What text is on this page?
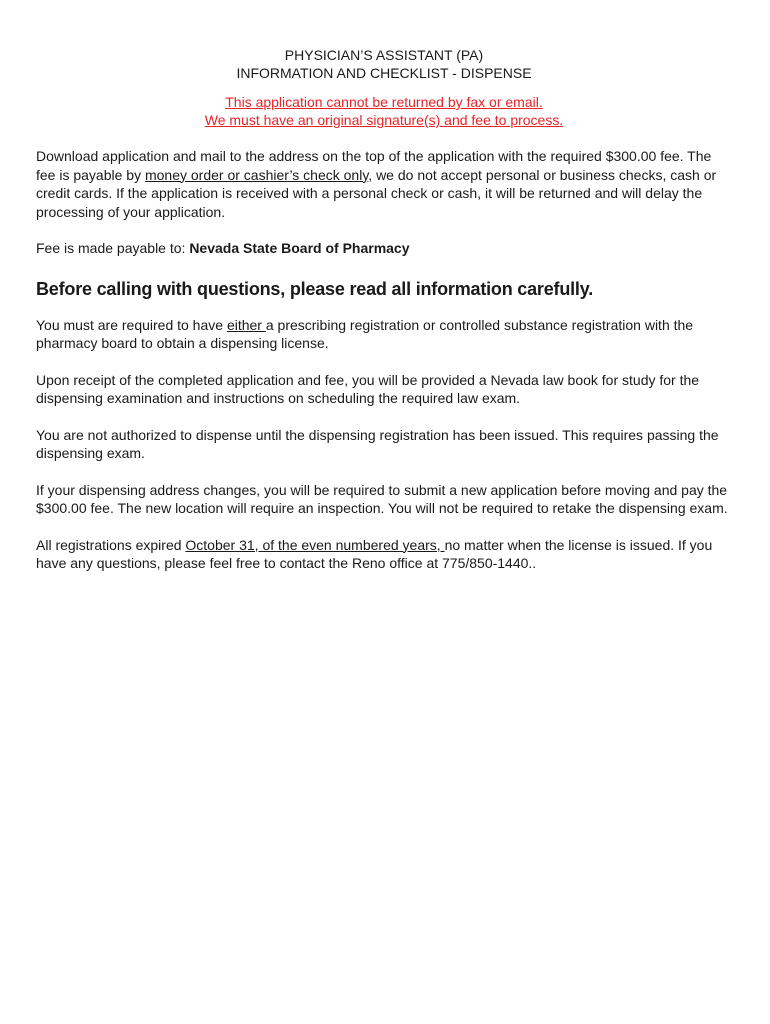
PHYSICIAN’S ASSISTANT (PA)
INFORMATION AND CHECKLIST - DISPENSE
This application cannot be returned by fax or email.
We must have an original signature(s) and fee to process.

Download application and mail to the address on the top of the application with the required $300.00 fee. The fee is payable by money order or cashier’s check only, we do not accept personal or business checks, cash or credit cards. If the application is received with a personal check or cash, it will be returned and will delay the processing of your application.

Fee is made payable to: Nevada State Board of Pharmacy

Before calling with questions, please read all information carefully.

You must are required to have either a prescribing registration or controlled substance registration with the pharmacy board to obtain a dispensing license.

Upon receipt of the completed application and fee, you will be provided a Nevada law book for study for the dispensing examination and instructions on scheduling the required law exam.

You are not authorized to dispense until the dispensing registration has been issued. This requires passing the dispensing exam.

If your dispensing address changes, you will be required to submit a new application before moving and pay the $300.00 fee. The new location will require an inspection. You will not be required to retake the dispensing exam.

All registrations expired October 31, of the even numbered years, no matter when the license is issued. If you have any questions, please feel free to contact the Reno office at 775/850-1440..
